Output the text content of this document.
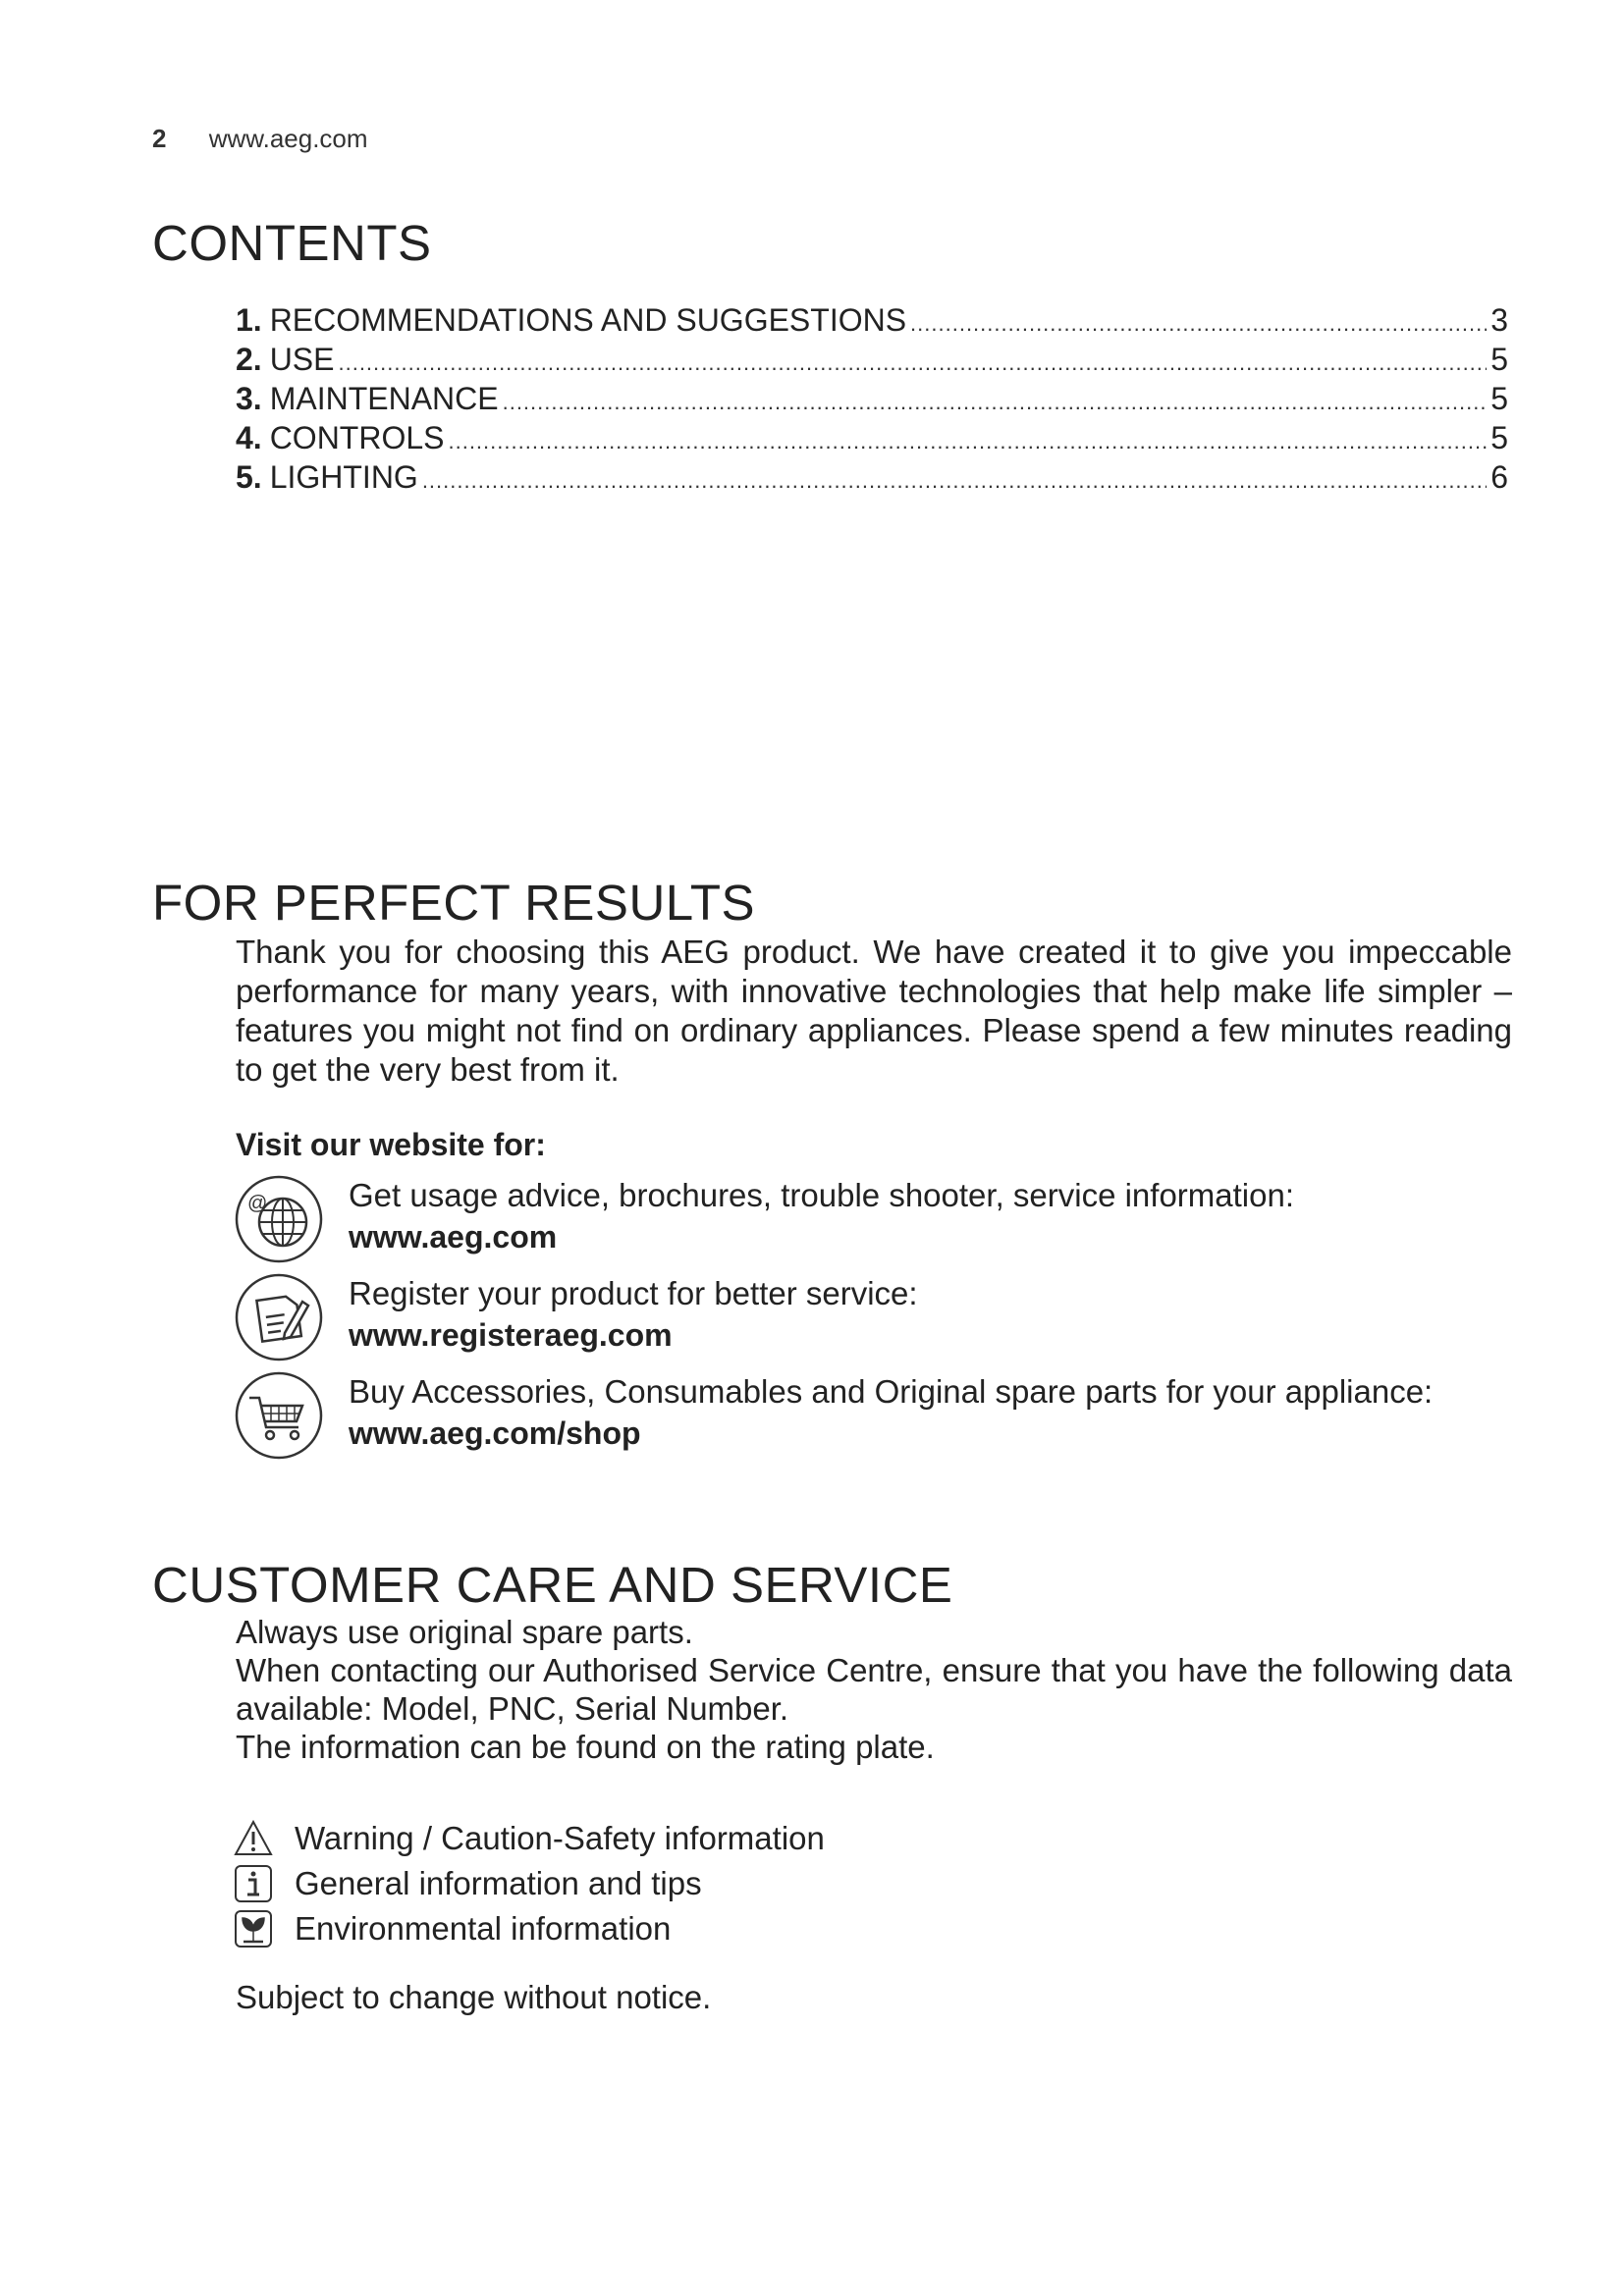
2 www.aeg.com
CONTENTS
1. RECOMMENDATIONS AND SUGGESTIONS .....	3
2. USE .....	5
3. MAINTENANCE .....	5
4. CONTROLS .....	5
5. LIGHTING .....	6
FOR PERFECT RESULTS
Thank you for choosing this AEG product. We have created it to give you impeccable performance for many years, with innovative technologies that help make life simpler – features you might not find on ordinary appliances. Please spend a few minutes reading to get the very best from it.
Visit our website for:
@	Get usage advice, brochures, trouble shooter, service information:
www.aeg.com
Register your product for better service:
www.registeraeg.com
Buy Accessories, Consumables and Original spare parts for your appliance:
www.aeg.com/shop
CUSTOMER CARE AND SERVICE
Always use original spare parts.
When contacting our Authorised Service Centre, ensure that you have the following data available: Model, PNC, Serial Number.
The information can be found on the rating plate.
Warning / Caution-Safety information
General information and tips
Environmental information
Subject to change without notice.
